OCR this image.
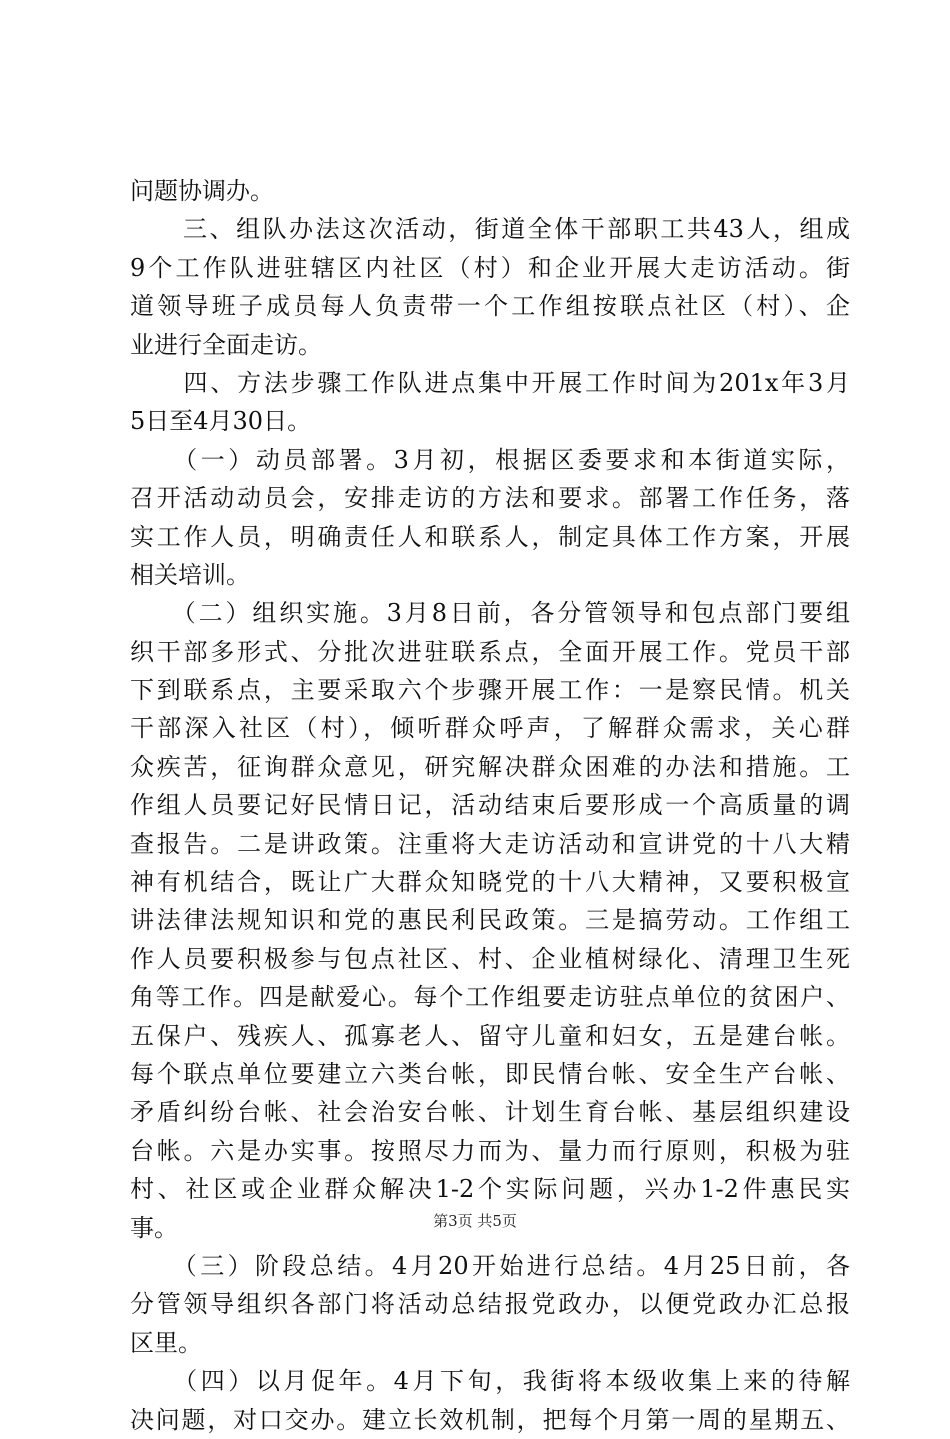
问题协调办。
　　三、组队办法这次活动，街道全体干部职工共43人，组成
9个工作队进驻辖区内社区（村）和企业开展大走访活动。街
道领导班子成员每人负责带一个工作组按联点社区（村）、企
业进行全面走访。
　　四、方法步骤工作队进点集中开展工作时间为201x年3月
5日至4月30日。
　　（一）动员部署。3月初，根据区委要求和本街道实际，
召开活动动员会，安排走访的方法和要求。部署工作任务，落
实工作人员，明确责任人和联系人，制定具体工作方案，开展
相关培训。
　　（二）组织实施。3月8日前，各分管领导和包点部门要组
织干部多形式、分批次进驻联系点，全面开展工作。党员干部
下到联系点，主要采取六个步骤开展工作：一是察民情。机关
干部深入社区（村），倾听群众呼声，了解群众需求，关心群
众疾苦，征询群众意见，研究解决群众困难的办法和措施。工
作组人员要记好民情日记，活动结束后要形成一个高质量的调
查报告。二是讲政策。注重将大走访活动和宣讲党的十八大精
神有机结合，既让广大群众知晓党的十八大精神，又要积极宣
讲法律法规知识和党的惠民利民政策。三是搞劳动。工作组工
作人员要积极参与包点社区、村、企业植树绿化、清理卫生死
角等工作。四是献爱心。每个工作组要走访驻点单位的贫困户、
五保户、残疾人、孤寡老人、留守儿童和妇女，五是建台帐。
每个联点单位要建立六类台帐，即民情台帐、安全生产台帐、
矛盾纠纷台帐、社会治安台帐、计划生育台帐、基层组织建设
台帐。六是办实事。按照尽力而为、量力而行原则，积极为驻
村、社区或企业群众解决1-2个实际问题，兴办1-2件惠民实
事。
　　（三）阶段总结。4月20开始进行总结。4月25日前，各
分管领导组织各部门将活动总结报党政办，以便党政办汇总报
区里。
　　（四）以月促年。4月下旬，我街将本级收集上来的待解
决问题，对口交办。建立长效机制，把每个月第一周的星期五、
第3页 共5页
